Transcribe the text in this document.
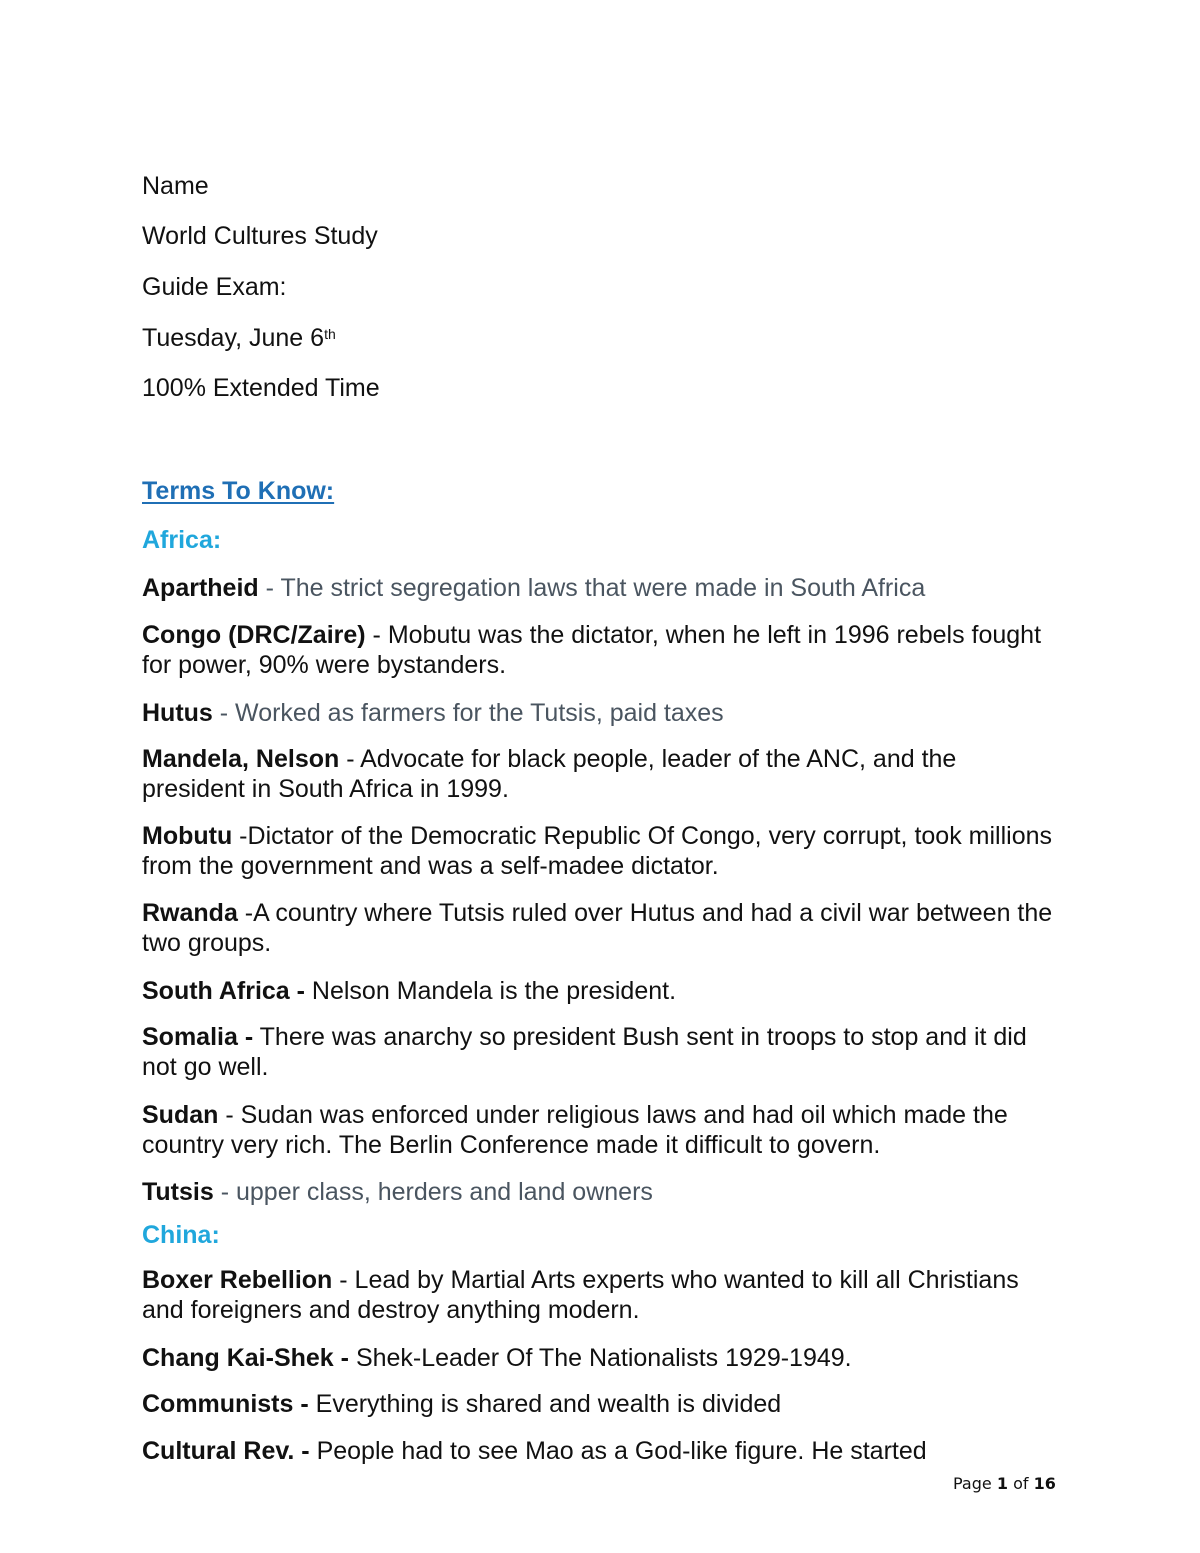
Name
World Cultures Study
Guide Exam:
Tuesday, June 6th
100% Extended Time
Terms To Know:
Africa:
Apartheid - The strict segregation laws that were made in South Africa
Congo (DRC/Zaire) - Mobutu was the dictator, when he left in 1996 rebels fought for power, 90% were bystanders.
Hutus - Worked as farmers for the Tutsis, paid taxes
Mandela, Nelson - Advocate for black people, leader of the ANC, and the president in South Africa in 1999.
Mobutu -Dictator of the Democratic Republic Of Congo, very corrupt, took millions from the government and was a self-madee dictator.
Rwanda -A country where Tutsis ruled over Hutus and had a civil war between the two groups.
South Africa - Nelson Mandela is the president.
Somalia - There was anarchy so president Bush sent in troops to stop and it did not go well.
Sudan - Sudan was enforced under religious laws and had oil which made the country very rich. The Berlin Conference made it difficult to govern.
Tutsis - upper class, herders and land owners
China:
Boxer Rebellion - Lead by Martial Arts experts who wanted to kill all Christians and foreigners and destroy anything modern.
Chang Kai-Shek - Shek-Leader Of The Nationalists 1929-1949.
Communists - Everything is shared and wealth is divided
Cultural Rev. - People had to see Mao as a God-like figure. He started
Page 1 of 16
